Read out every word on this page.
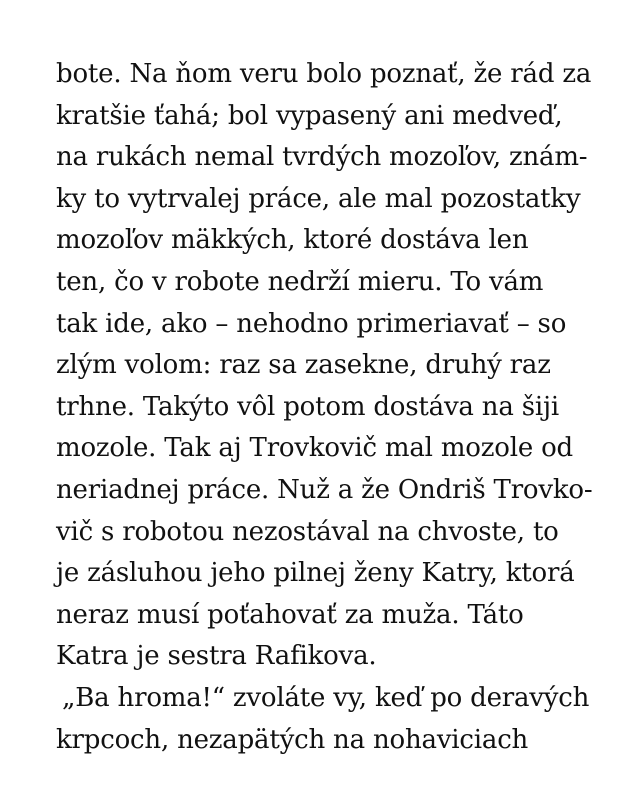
bote. Na ňom veru bolo poznať, že rád za
kratšie ťahá; bol vypasený ani medveď,
na rukách nemal tvrdých mozoľov, znám-
ky to vytrvalej práce, ale mal pozostatky
mozoľov mäkkých, ktoré dostáva len
ten, čo v robote nedrží mieru. To vám
tak ide, ako – nehodno primeriavať – so
zlým volom: raz sa zasekne, druhý raz
trhne. Takýto vôl potom dostáva na šiji
mozole. Tak aj Trovkovič mal mozole od
neriadnej práce. Nuž a že Ondriš Trovko-
vič s robotou nezostával na chvoste, to
je zásluhou jeho pilnej ženy Katry, ktorá
neraz musí poťahovať za muža. Táto
Katra je sestra Rafikova.
„Ba hroma!“ zvoláte vy, keď po deravých
krpcoch, nezapätých na nohaviciach
